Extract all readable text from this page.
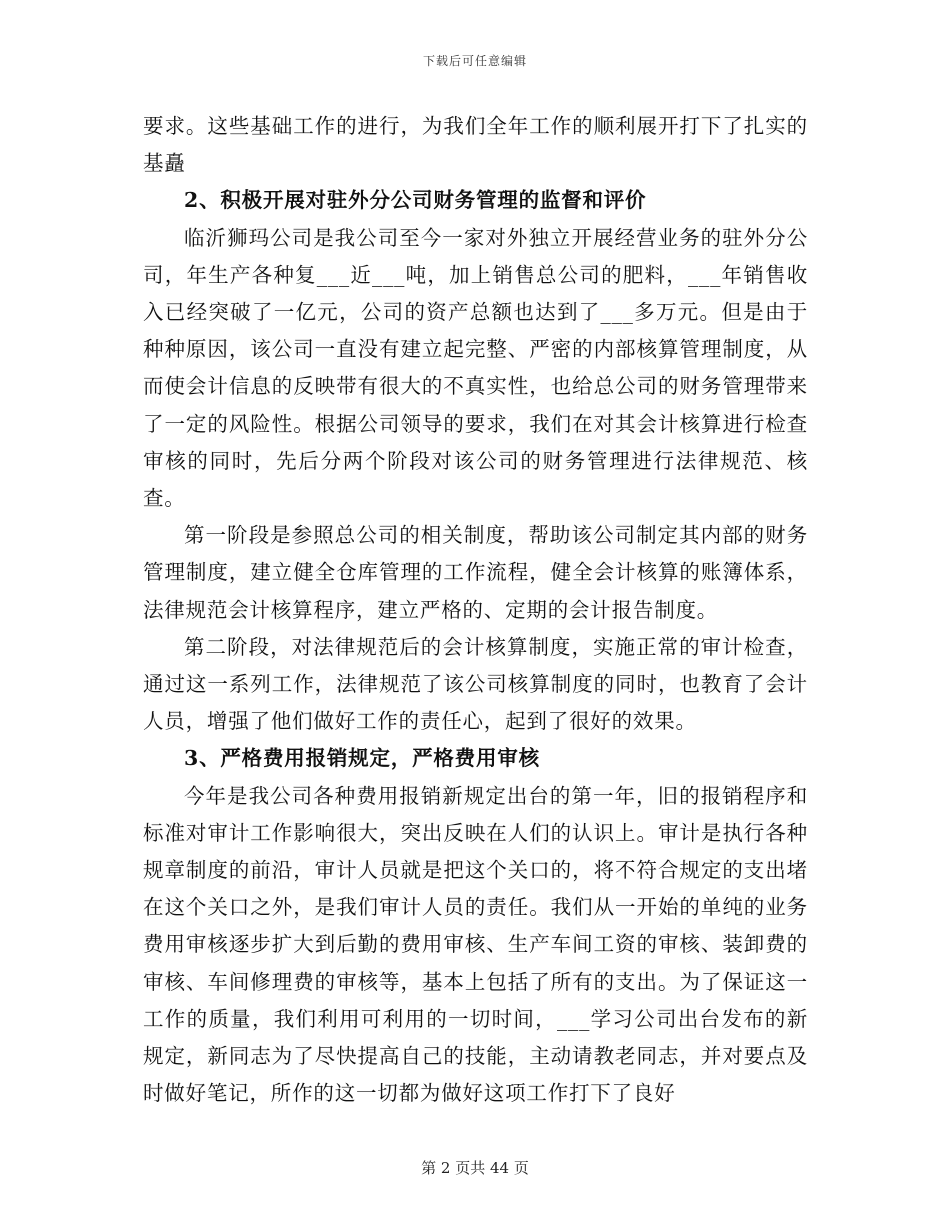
下载后可任意编辑

要求。这些基础工作的进行，为我们全年工作的顺利展开打下了扎实的基矗

2、积极开展对驻外分公司财务管理的监督和评价

临沂狮玛公司是我公司至今一家对外独立开展经营业务的驻外分公司，年生产各种复___近___吨，加上销售总公司的肥料，___年销售收入已经突破了一亿元，公司的资产总额也达到了___多万元。但是由于种种原因，该公司一直没有建立起完整、严密的内部核算管理制度，从而使会计信息的反映带有很大的不真实性，也给总公司的财务管理带来了一定的风险性。根据公司领导的要求，我们在对其会计核算进行检查审核的同时，先后分两个阶段对该公司的财务管理进行法律规范、核查。

第一阶段是参照总公司的相关制度，帮助该公司制定其内部的财务管理制度，建立健全仓库管理的工作流程，健全会计核算的账簿体系，法律规范会计核算程序，建立严格的、定期的会计报告制度。

第二阶段，对法律规范后的会计核算制度，实施正常的审计检查，通过这一系列工作，法律规范了该公司核算制度的同时，也教育了会计人员，增强了他们做好工作的责任心，起到了很好的效果。

3、严格费用报销规定，严格费用审核

今年是我公司各种费用报销新规定出台的第一年，旧的报销程序和标准对审计工作影响很大，突出反映在人们的认识上。审计是执行各种规章制度的前沿，审计人员就是把这个关口的，将不符合规定的支出堵在这个关口之外，是我们审计人员的责任。我们从一开始的单纯的业务费用审核逐步扩大到后勤的费用审核、生产车间工资的审核、装卸费的审核、车间修理费的审核等，基本上包括了所有的支出。为了保证这一工作的质量，我们利用可利用的一切时间，___学习公司出台发布的新规定，新同志为了尽快提高自己的技能，主动请教老同志，并对要点及时做好笔记，所作的这一切都为做好这项工作打下了良好

第 2 页共 44 页
